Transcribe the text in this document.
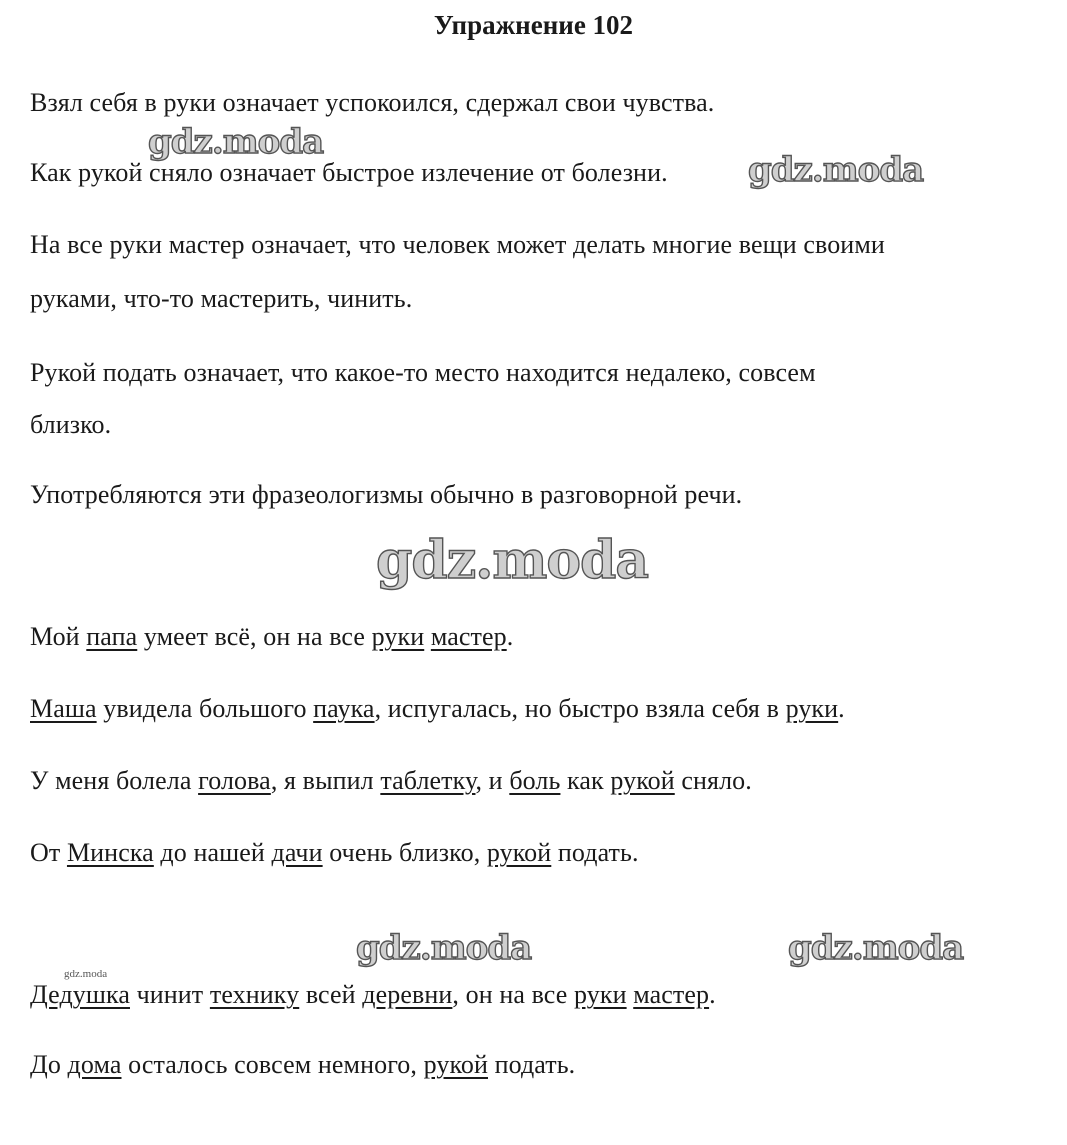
Упражнение 102
Взял себя в руки означает успокоился, сдержал свои чувства.
Как рукой сняло означает быстрое излечение от болезни.
На все руки мастер означает, что человек может делать многие вещи своими
руками, что-то мастерить, чинить.
Рукой подать означает, что какое-то место находится недалеко, совсем
близко.
Употребляются эти фразеологизмы обычно в разговорной речи.
Мой папа умеет всё, он на все руки мастер.
Маша увидела большого паука, испугалась, но быстро взяла себя в руки.
У меня болела голова, я выпил таблетку, и боль как рукой сняло.
От Минска до нашей дачи очень близко, рукой подать.
Дедушка чинит технику всей деревни, он на все руки мастер.
До дома осталось совсем немного, рукой подать.
gdz.moda
gdz.moda
gdz.moda
gdz.moda	gdz.moda
gdz.moda
